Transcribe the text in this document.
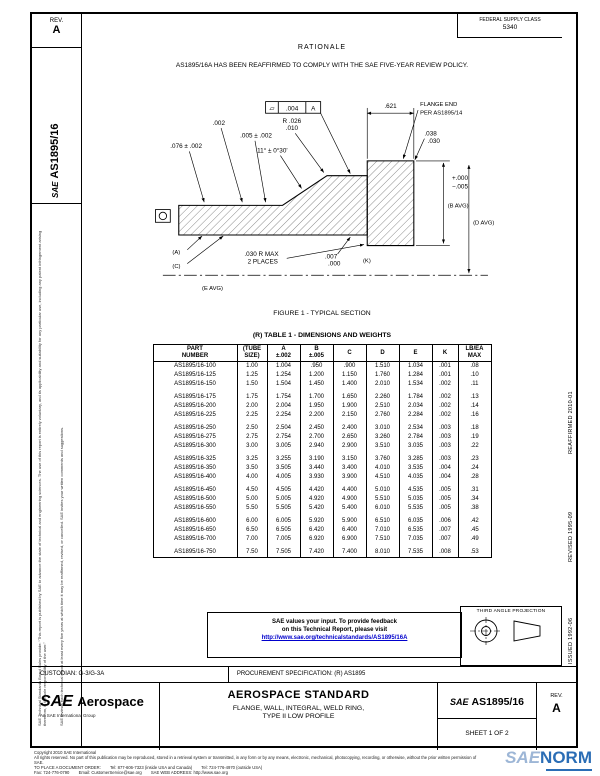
REV.
A
SAEAS1895/16
SAE Technical Standards Board Rules provide: “This report is published by SAE to advance the state of technical and engineering sciences. The use of this report is entirely voluntary, and its applicability and suitability for any particular use, including any patent infringement arising therefrom, is the sole responsibility of the user.”	SAE reviews each technical report at least every five years at which time it may be reaffirmed, revised, or cancelled. SAE invites your written comments and suggestions.
REAFFIRMED 2010-01
REVISED 1995-09
ISSUED 1992-06
FEDERAL SUPPLY CLASS
5340
RATIONALE
AS1895/16A HAS BEEN REAFFIRMED TO COMPLY WITH THE SAE FIVE-YEAR REVIEW POLICY.
▱ .004 A	.621	FLANGE END
PER AS1895/14
.076 ± .002
.002
.005 ± .002
R .026
.010
11° ± 0°30'
.038
.030
+.000
−.005
(B AVG)
(D AVG)
.007
.000	(K)
.030 R MAX
2 PLACES
(A)
(C)
(E AVG)
FIGURE 1 - TYPICAL SECTION
(R) TABLE 1 - DIMENSIONS AND WEIGHTS
PART
NUMBER

(TUBE
SIZE)

A
±.002

B
±.005

C	D	E	K

LB/EA
MAX

AS1895/16-100	1.00	1.004	.950	.900	1.510	1.034	.001	.08
AS1895/16-125	1.25	1.254	1.200	1.150	1.760	1.284	.001	.10
AS1895/16-150	1.50	1.504	1.450	1.400	2.010	1.534	.002	.11

AS1895/16-175	1.75	1.754	1.700	1.650	2.260	1.784	.002	.13
AS1895/16-200	2.00	2.004	1.950	1.900	2.510	2.034	.002	.14
AS1895/16-225	2.25	2.254	2.200	2.150	2.760	2.284	.002	.16

AS1895/16-250	2.50	2.504	2.450	2.400	3.010	2.534	.003	.18
AS1895/16-275	2.75	2.754	2.700	2.650	3.260	2.784	.003	.19
AS1895/16-300	3.00	3.005	2.940	2.900	3.510	3.035	.003	.22

AS1895/16-325	3.25	3.255	3.190	3.150	3.760	3.285	.003	.23
AS1895/16-350	3.50	3.505	3.440	3.400	4.010	3.535	.004	.24
AS1895/16-400	4.00	4.005	3.930	3.900	4.510	4.035	.004	.28

AS1895/16-450	4.50	4.505	4.420	4.400	5.010	4.535	.005	.31
AS1895/16-500	5.00	5.005	4.920	4.900	5.510	5.035	.005	.34
AS1895/16-550	5.50	5.505	5.420	5.400	6.010	5.535	.005	.38

AS1895/16-600	6.00	6.005	5.920	5.900	6.510	6.035	.006	.42
AS1895/16-650	6.50	6.505	6.420	6.400	7.010	6.535	.007	.45
AS1895/16-700	7.00	7.005	6.920	6.900	7.510	7.035	.007	.49

AS1895/16-750	7.50	7.505	7.420	7.400	8.010	7.535	.008	.53
SAE values your input. To provide feedback
on this Technical Report, please visit
http://www.sae.org/technicalstandards/AS1895/16A
THIRD ANGLE PROJECTION
CUSTODIAN: G-3/G-3A	PROCUREMENT SPECIFICATION: (R) AS1895
SAE Aerospace
An SAE International Group
AEROSPACE STANDARD
FLANGE, WALL, INTEGRAL, WELD RING,
TYPE II LOW PROFILE
SAE AS1895/16
SHEET 1 OF 2
REV.
A
Copyright 2010 SAE International
All rights reserved. No part of this publication may be reproduced, stored in a retrieval system or transmitted, in any form or by any means, electronic, mechanical, photocopying, recording, or otherwise, without the prior written permission of SAE.
TO PLACE A DOCUMENT ORDER: Tel: 877-606-7323 (inside USA and Canada) Tel: 724-776-4970 (outside USA)
Fax: 724-776-0790 Email: CustomerService@sae.org SAE WEB ADDRESS: http://www.sae.org
SAENORM
